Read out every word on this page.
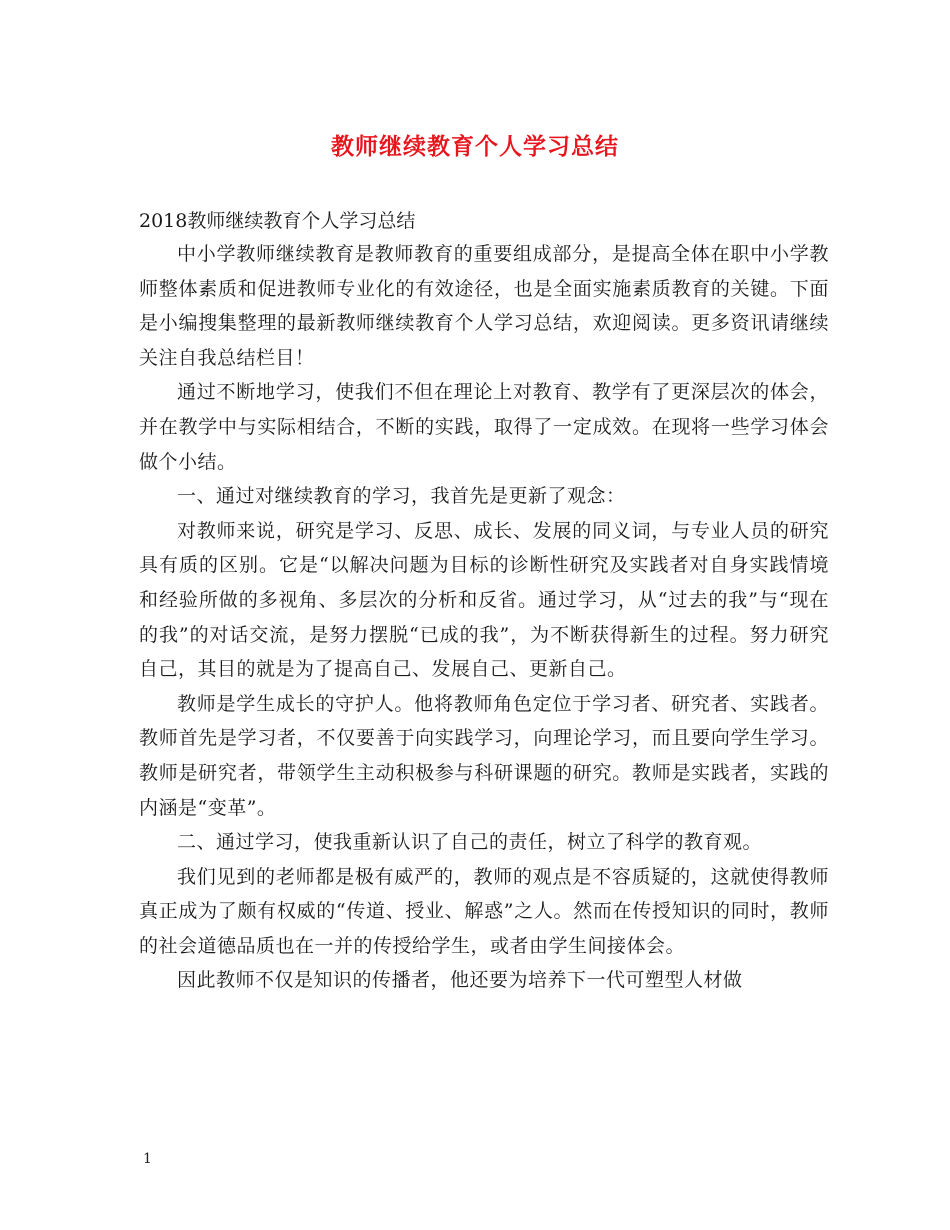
教师继续教育个人学习总结
2018教师继续教育个人学习总结

中小学教师继续教育是教师教育的重要组成部分，是提高全体在职中小学教师整体素质和促进教师专业化的有效途径，也是全面实施素质教育的关键。下面是小编搜集整理的最新教师继续教育个人学习总结，欢迎阅读。更多资讯请继续关注自我总结栏目！

通过不断地学习，使我们不但在理论上对教育、教学有了更深层次的体会，并在教学中与实际相结合，不断的实践，取得了一定成效。在现将一些学习体会做个小结。

一、通过对继续教育的学习，我首先是更新了观念：

对教师来说，研究是学习、反思、成长、发展的同义词，与专业人员的研究具有质的区别。它是“以解决问题为目标的诊断性研究及实践者对自身实践情境和经验所做的多视角、多层次的分析和反省。通过学习，从“过去的我”与“现在的我”的对话交流，是努力摆脱“已成的我”，为不断获得新生的过程。努力研究自己，其目的就是为了提高自己、发展自己、更新自己。

教师是学生成长的守护人。他将教师角色定位于学习者、研究者、实践者。教师首先是学习者，不仅要善于向实践学习，向理论学习，而且要向学生学习。教师是研究者，带领学生主动积极参与科研课题的研究。教师是实践者，实践的内涵是“变革”。

二、通过学习，使我重新认识了自己的责任，树立了科学的教育观。

我们见到的老师都是极有威严的，教师的观点是不容质疑的，这就使得教师真正成为了颇有权威的“传道、授业、解惑”之人。然而在传授知识的同时，教师的社会道德品质也在一并的传授给学生，或者由学生间接体会。

因此教师不仅是知识的传播者，他还要为培养下一代可塑型人材做

1
